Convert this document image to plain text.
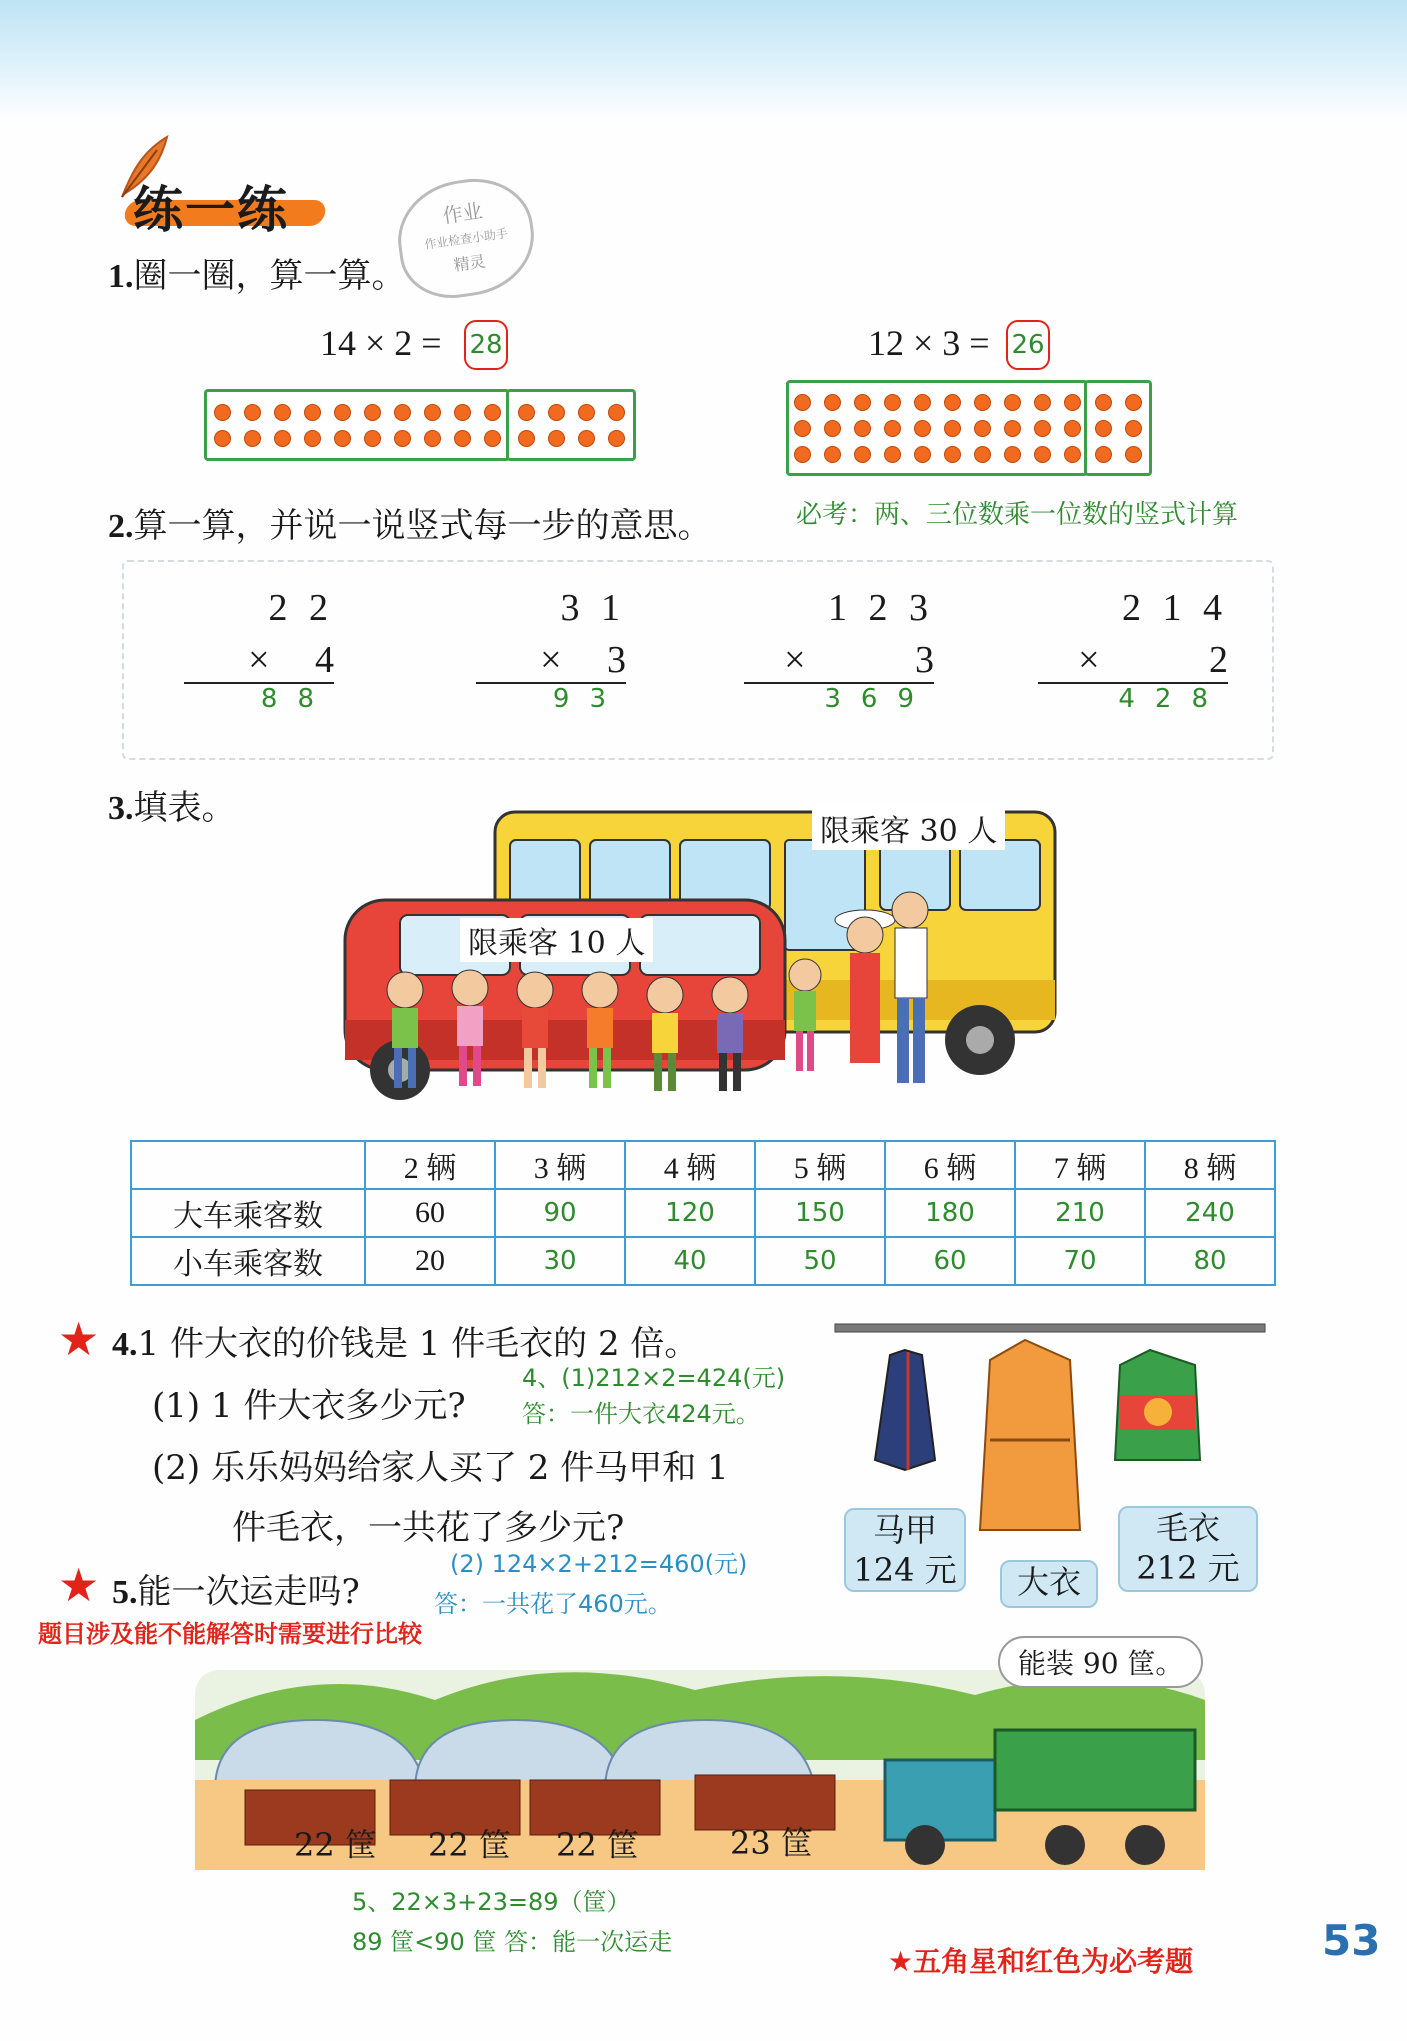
练一练	作业
作业检查小助手
精灵
1.圈一圈，算一算。
14 × 2 = 28	12 × 3 = 26
2.算一算，并说一说竖式每一步的意思。	必考：两、三位数乘一位数的竖式计算
2 2
× 4
88
3 1
× 3
93
1 2 3
× 3
369
2 1 4
× 2
428
3.填表。
限乘客 30 人
限乘客 10 人
	2 辆	3 辆	4 辆	5 辆	6 辆	7 辆	8 辆
大车乘客数	60	90	120	150	180	210	240
小车乘客数	20	30	40	50	60	70	80
★ 4.1 件大衣的价钱是 1 件毛衣的 2 倍。
(1) 1 件大衣多少元?
4、(1)212×2=424(元)
答：一件大衣424元。
(2) 乐乐妈妈给家人买了 2 件马甲和 1
件毛衣，一共花了多少元?
(2) 124×2+212=460(元)
答：一共花了460元。
马甲
124 元	大衣
毛衣
212 元
★ 5.能一次运走吗?
题目涉及能不能解答时需要进行比较
能装 90 筐。
22 筐 22 筐 22 筐	23 筐
5、22×3+23=89（筐）
89 筐<90 筐 答：能一次运走
★五角星和红色为必考题	53
